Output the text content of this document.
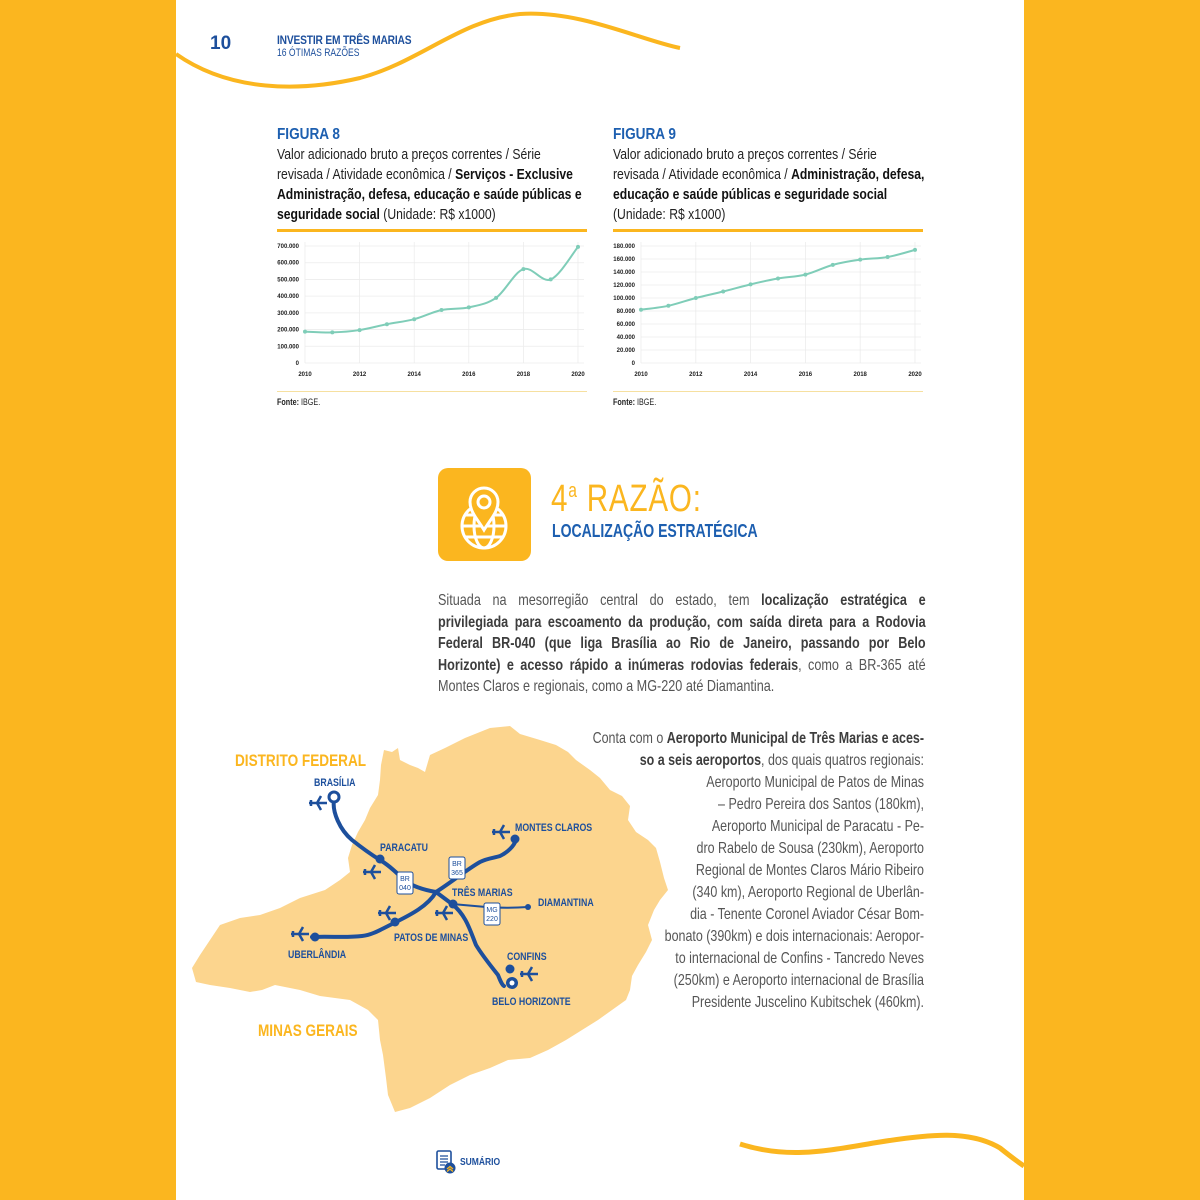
10	INVESTIR EM TRÊS MARIAS
16 ÓTIMAS RAZÕES
FIGURA 8
Valor adicionado bruto a preços correntes / Série revisada / Atividade econômica / Serviços - Exclusive Administração, defesa, educação e saúde públicas e seguridade social (Unidade: R$ x1000)
0
100.000
200.000
300.000
400.000
500.000
600.000
700.000
2010	2012	2014	2016	2018	2020
Fonte: IBGE.
FIGURA 9
Valor adicionado bruto a preços correntes / Série revisada / Atividade econômica / Administração, defesa, educação e saúde públicas e seguridade social (Unidade: R$ x1000)
0
20.000
40.000
60.000
80.000
100.000
120.000
140.000
160.000
180.000
2010	2012	2014	2016	2018	2020
Fonte: IBGE.
4$^a$ RAZÃO:
LOCALIZAÇÃO ESTRATÉGICA
Situada na mesorregião central do estado, tem localização estratégica e privilegiada para escoamento da produção, com saída direta para a Rodovia Federal BR-040 (que liga Brasília ao Rio de Janeiro, passando por Belo Horizonte) e acesso rápido a inúmeras rodovias federais, como a BR-365 até Montes Claros e regionais, como a MG-220 até Diamantina.
DISTRITO FEDERAL
MINAS GERAIS
BR
040
BR
365
MG
220
BRASÍLIA
PARACATU
MONTES CLAROS
TRÊS MARIAS
DIAMANTINA
PATOS DE MINAS
UBERLÂNDIA	CONFINS
BELO HORIZONTE
Conta com o Aeroporto Municipal de Três Marias e aces-
so a seis aeroportos, dos quais quatros regionais:
Aeroporto Municipal de Patos de Minas
– Pedro Pereira dos Santos (180km),
Aeroporto Municipal de Paracatu - Pe-
dro Rabelo de Sousa (230km), Aeroporto
Regional de Montes Claros Mário Ribeiro
(340 km), Aeroporto Regional de Uberlân-
dia - Tenente Coronel Aviador César Bom-
bonato (390km) e dois internacionais: Aeropor-
to internacional de Confins - Tancredo Neves
(250km) e Aeroporto internacional de Brasília
Presidente Juscelino Kubitschek (460km).
SUMÁRIO
